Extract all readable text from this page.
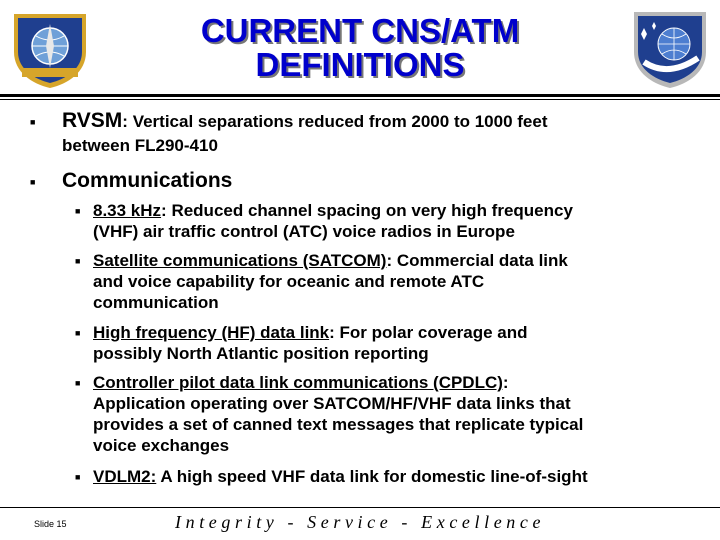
CURRENT CNS/ATM
DEFINITIONS
■ RVSM: Vertical separations reduced from 2000 to 1000 feet
between FL290-410
■ Communications
■ 8.33 kHz: Reduced channel spacing on very high frequency
(VHF) air traffic control (ATC) voice radios in Europe
■ Satellite communications (SATCOM): Commercial data link
and voice capability for oceanic and remote ATC
communication
■ High frequency (HF) data link: For polar coverage and
possibly North Atlantic position reporting
■ Controller pilot data link communications (CPDLC):
Application operating over SATCOM/HF/VHF data links that
provides a set of canned text messages that replicate typical
voice exchanges
■ VDLM2: A high speed VHF data link for domestic line-of-sight
Slide 15	Integrity - Service - Excellence
